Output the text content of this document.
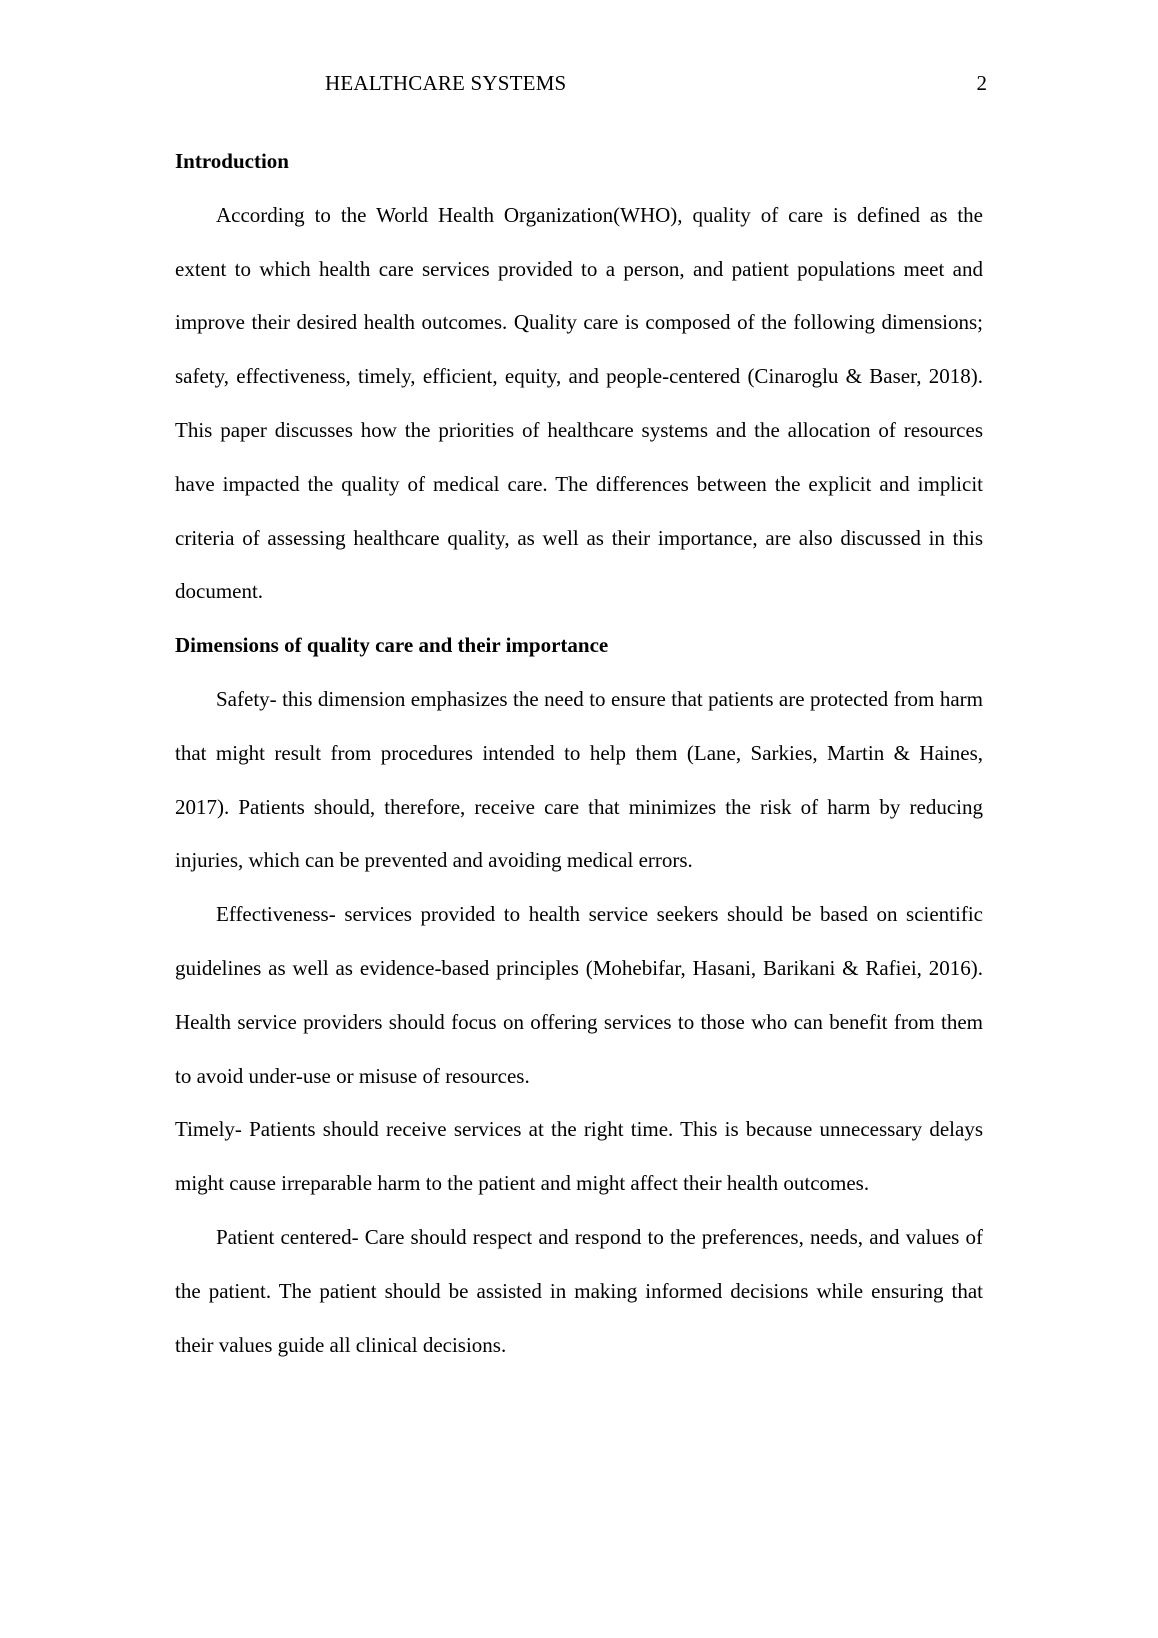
HEALTHCARE SYSTEMS	2

Introduction

According to the World Health Organization(WHO), quality of care is defined as the extent to which health care services provided to a person, and patient populations meet and improve their desired health outcomes. Quality care is composed of the following dimensions; safety, effectiveness, timely, efficient, equity, and people-centered (Cinaroglu & Baser, 2018). This paper discusses how the priorities of healthcare systems and the allocation of resources have impacted the quality of medical care. The differences between the explicit and implicit criteria of assessing healthcare quality, as well as their importance, are also discussed in this document.

Dimensions of quality care and their importance

Safety- this dimension emphasizes the need to ensure that patients are protected from harm that might result from procedures intended to help them (Lane, Sarkies, Martin & Haines, 2017). Patients should, therefore, receive care that minimizes the risk of harm by reducing injuries, which can be prevented and avoiding medical errors.

Effectiveness- services provided to health service seekers should be based on scientific guidelines as well as evidence-based principles (Mohebifar, Hasani, Barikani & Rafiei, 2016). Health service providers should focus on offering services to those who can benefit from them to avoid under-use or misuse of resources.

Timely- Patients should receive services at the right time. This is because unnecessary delays might cause irreparable harm to the patient and might affect their health outcomes.

Patient centered- Care should respect and respond to the preferences, needs, and values of the patient. The patient should be assisted in making informed decisions while ensuring that their values guide all clinical decisions.
